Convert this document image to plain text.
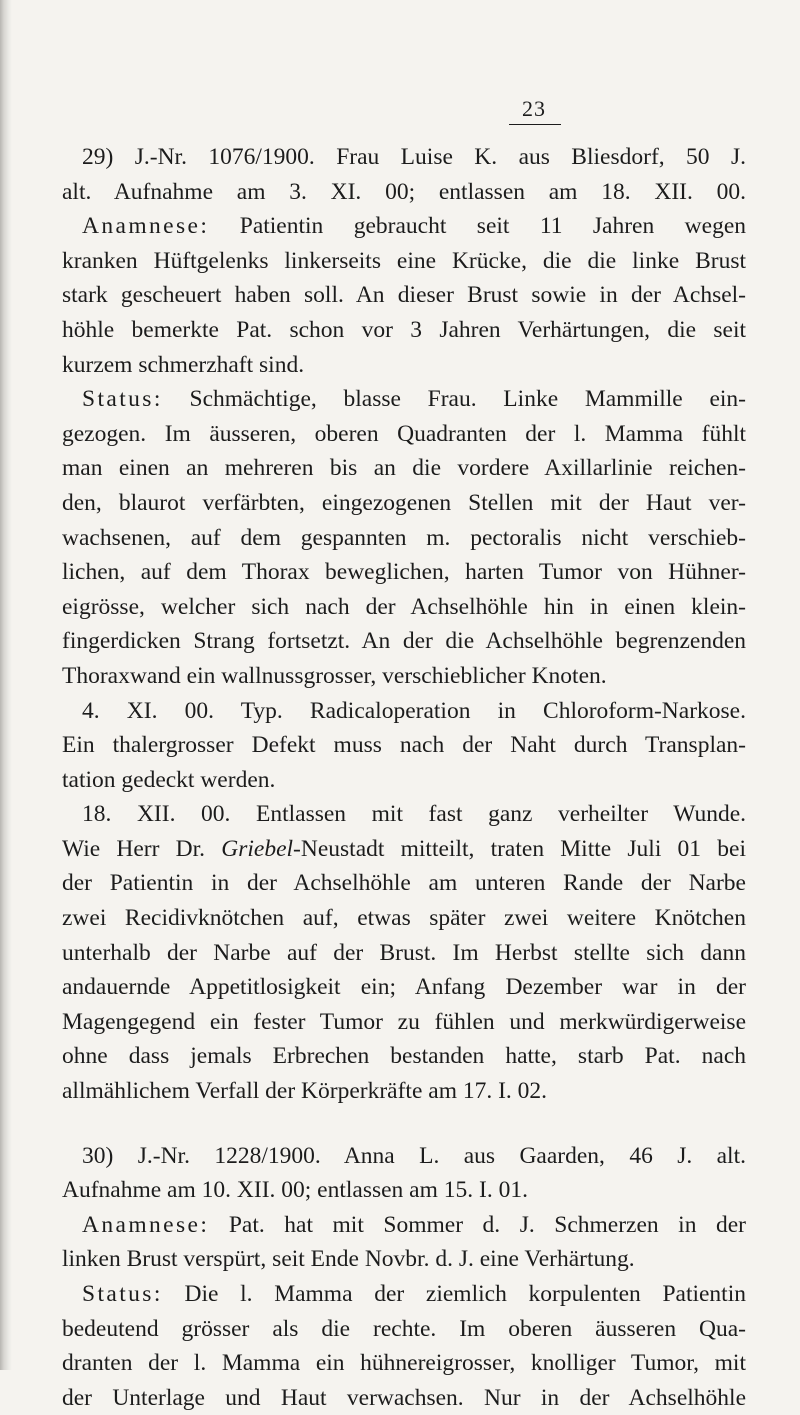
23
29) J.-Nr. 1076/1900. Frau Luise K. aus Bliesdorf, 50 J.
alt. Aufnahme am 3. XI. 00; entlassen am 18. XII. 00.
Anamnese: Patientin gebraucht seit 11 Jahren wegen
kranken Hüftgelenks linkerseits eine Krücke, die die linke Brust
stark gescheuert haben soll. An dieser Brust sowie in der Achsel-
höhle bemerkte Pat. schon vor 3 Jahren Verhärtungen, die seit
kurzem schmerzhaft sind.
Status: Schmächtige, blasse Frau. Linke Mammille ein-
gezogen. Im äusseren, oberen Quadranten der l. Mamma fühlt
man einen an mehreren bis an die vordere Axillarlinie reichen-
den, blaurot verfärbten, eingezogenen Stellen mit der Haut ver-
wachsenen, auf dem gespannten m. pectoralis nicht verschieb-
lichen, auf dem Thorax beweglichen, harten Tumor von Hühner-
eigrösse, welcher sich nach der Achselhöhle hin in einen klein-
fingerdicken Strang fortsetzt. An der die Achselhöhle begrenzenden
Thoraxwand ein wallnussgrosser, verschieblicher Knoten.
4. XI. 00. Typ. Radicaloperation in Chloroform-Narkose.
Ein thalergrosser Defekt muss nach der Naht durch Transplan-
tation gedeckt werden.
18. XII. 00. Entlassen mit fast ganz verheilter Wunde.
Wie Herr Dr. Griebel-Neustadt mitteilt, traten Mitte Juli 01 bei
der Patientin in der Achselhöhle am unteren Rande der Narbe
zwei Recidivknötchen auf, etwas später zwei weitere Knötchen
unterhalb der Narbe auf der Brust. Im Herbst stellte sich dann
andauernde Appetitlosigkeit ein; Anfang Dezember war in der
Magengegend ein fester Tumor zu fühlen und merkwürdigerweise
ohne dass jemals Erbrechen bestanden hatte, starb Pat. nach
allmählichem Verfall der Körperkräfte am 17. I. 02.
30) J.-Nr. 1228/1900. Anna L. aus Gaarden, 46 J. alt.
Aufnahme am 10. XII. 00; entlassen am 15. I. 01.
Anamnese: Pat. hat mit Sommer d. J. Schmerzen in der
linken Brust verspürt, seit Ende Novbr. d. J. eine Verhärtung.
Status: Die l. Mamma der ziemlich korpulenten Patientin
bedeutend grösser als die rechte. Im oberen äusseren Qua-
dranten der l. Mamma ein hühnereigrosser, knolliger Tumor, mit
der Unterlage und Haut verwachsen. Nur in der Achselhöhle
